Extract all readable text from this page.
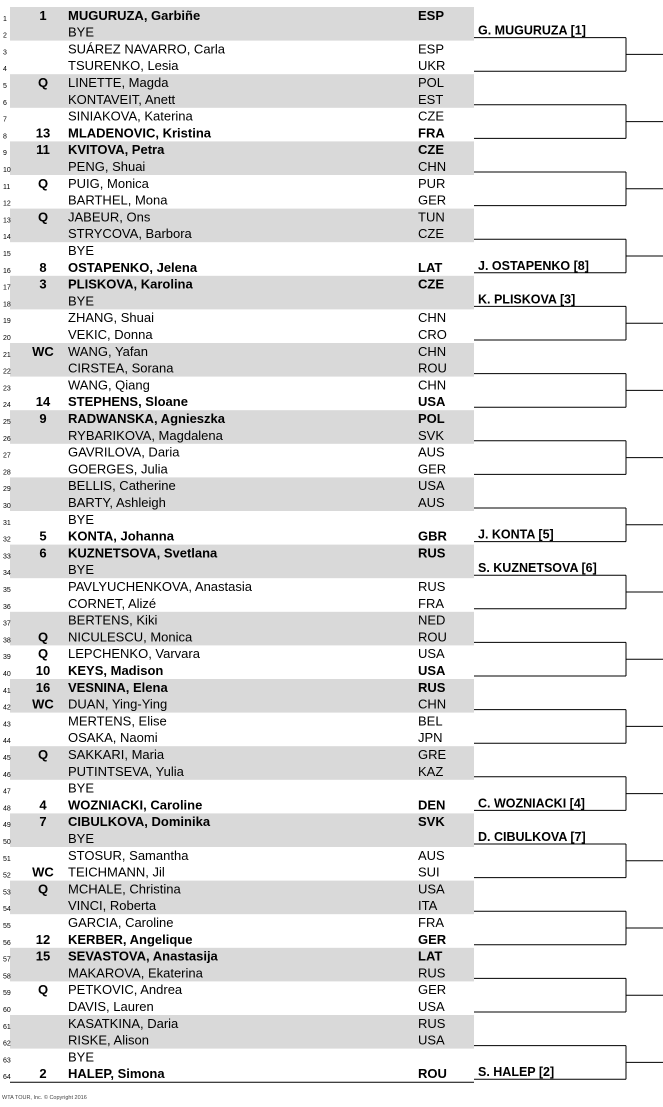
1 1 MUGURUZA, Garbiñe	ESP
2	BYE
3	SUÁREZ NAVARRO, Carla	ESP
4	TSURENKO, Lesia	UKR
5 Q LINETTE, Magda	POL
6	KONTAVEIT, Anett	EST
7	SINIAKOVA, Katerina	CZE
8 13 MLADENOVIC, Kristina	FRA
9 11 KVITOVA, Petra	CZE
10	PENG, Shuai	CHN
11 Q PUIG, Monica	PUR
12	BARTHEL, Mona	GER
13 Q JABEUR, Ons	TUN
14	STRYCOVA, Barbora	CZE
15	BYE
16 8 OSTAPENKO, Jelena	LAT
17 3 PLISKOVA, Karolina	CZE
18	BYE
19	ZHANG, Shuai	CHN
20	VEKIC, Donna	CRO
21 WC WANG, Yafan	CHN
22	CIRSTEA, Sorana	ROU
23	WANG, Qiang	CHN
24 14 STEPHENS, Sloane	USA
25 9 RADWANSKA, Agnieszka	POL
26	RYBARIKOVA, Magdalena	SVK
27	GAVRILOVA, Daria	AUS
28	GOERGES, Julia	GER
29	BELLIS, Catherine	USA
30	BARTY, Ashleigh	AUS
31	BYE
32 5 KONTA, Johanna	GBR
33 6 KUZNETSOVA, Svetlana	RUS
34	BYE
35	PAVLYUCHENKOVA, Anastasia	RUS
36	CORNET, Alizé	FRA
37	BERTENS, Kiki	NED
38 Q NICULESCU, Monica	ROU
39 Q LEPCHENKO, Varvara	USA
40 10 KEYS, Madison	USA
41 16 VESNINA, Elena	RUS
42 WC DUAN, Ying-Ying	CHN
43	MERTENS, Elise	BEL
44	OSAKA, Naomi	JPN
45 Q SAKKARI, Maria	GRE
46	PUTINTSEVA, Yulia	KAZ
47	BYE
48 4 WOZNIACKI, Caroline	DEN
49 7 CIBULKOVA, Dominika	SVK
50	BYE
51	STOSUR, Samantha	AUS
52 WC TEICHMANN, Jil	SUI
53 Q MCHALE, Christina	USA
54	VINCI, Roberta	ITA
55	GARCIA, Caroline	FRA
56 12 KERBER, Angelique	GER
57 15 SEVASTOVA, Anastasija	LAT
58	MAKAROVA, Ekaterina	RUS
59 Q PETKOVIC, Andrea	GER
60	DAVIS, Lauren	USA
61	KASATKINA, Daria	RUS
62	RISKE, Alison	USA
63	BYE
64 2 HALEP, Simona	ROU
G. MUGURUZA [1]
J. OSTAPENKO [8]
K. PLISKOVA [3]
J. KONTA [5]
S. KUZNETSOVA [6]
C. WOZNIACKI [4]
D. CIBULKOVA [7]
S. HALEP [2]
WTA TOUR, Inc. © Copyright 2016
